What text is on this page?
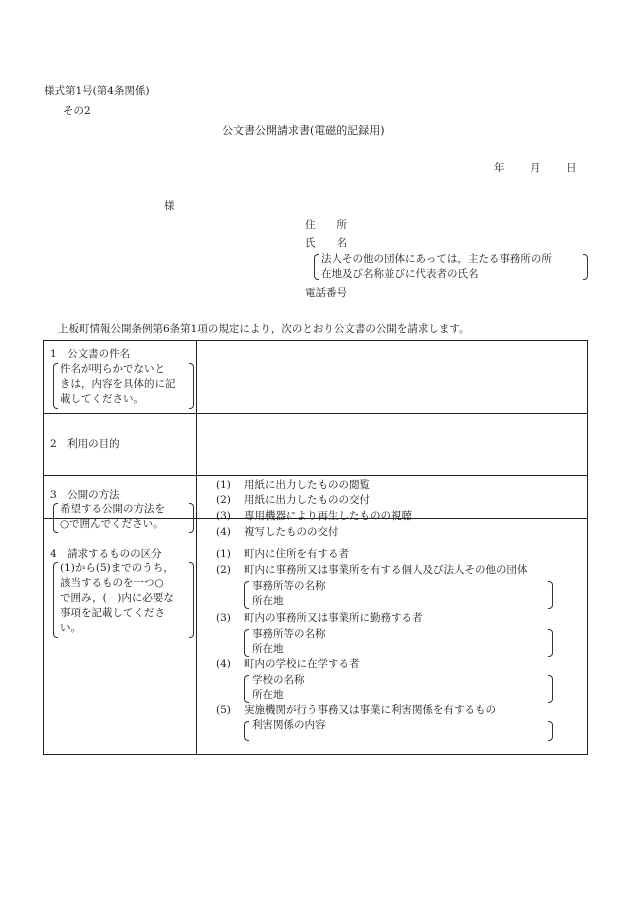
様式第1号(第4条関係)
その2
公文書公開請求書(電磁的記録用)
年 月 日
様
住　　所
氏　　名
法人その他の団体にあっては，主たる事務所の所
在地及び名称並びに代表者の氏名
電話番号
上板町情報公開条例第6条第1項の規定により，次のとおり公文書の公開を請求します。
1　公文書の件名
件名が明らかでないと
きは，内容を具体的に記
載してください。
2　利用の目的
3　公開の方法
希望する公開の方法を
○で囲んでください。
(1) 用紙に出力したものの閲覧
(2) 用紙に出力したものの交付
(3) 専用機器により再生したものの視聴
(4) 複写したものの交付
4　請求するものの区分
(1)から(5)までのうち，
該当するものを一つ○
で囲み，(　)内に必要な
事項を記載してくださ
い。
(1) 町内に住所を有する者
(2) 町内に事務所又は事業所を有する個人及び法人その他の団体
事務所等の名称
所在地
(3) 町内の事務所又は事業所に勤務する者
事務所等の名称
所在地
(4) 町内の学校に在学する者
学校の名称
所在地
(5) 実施機関が行う事務又は事業に利害関係を有するもの
利害関係の内容
